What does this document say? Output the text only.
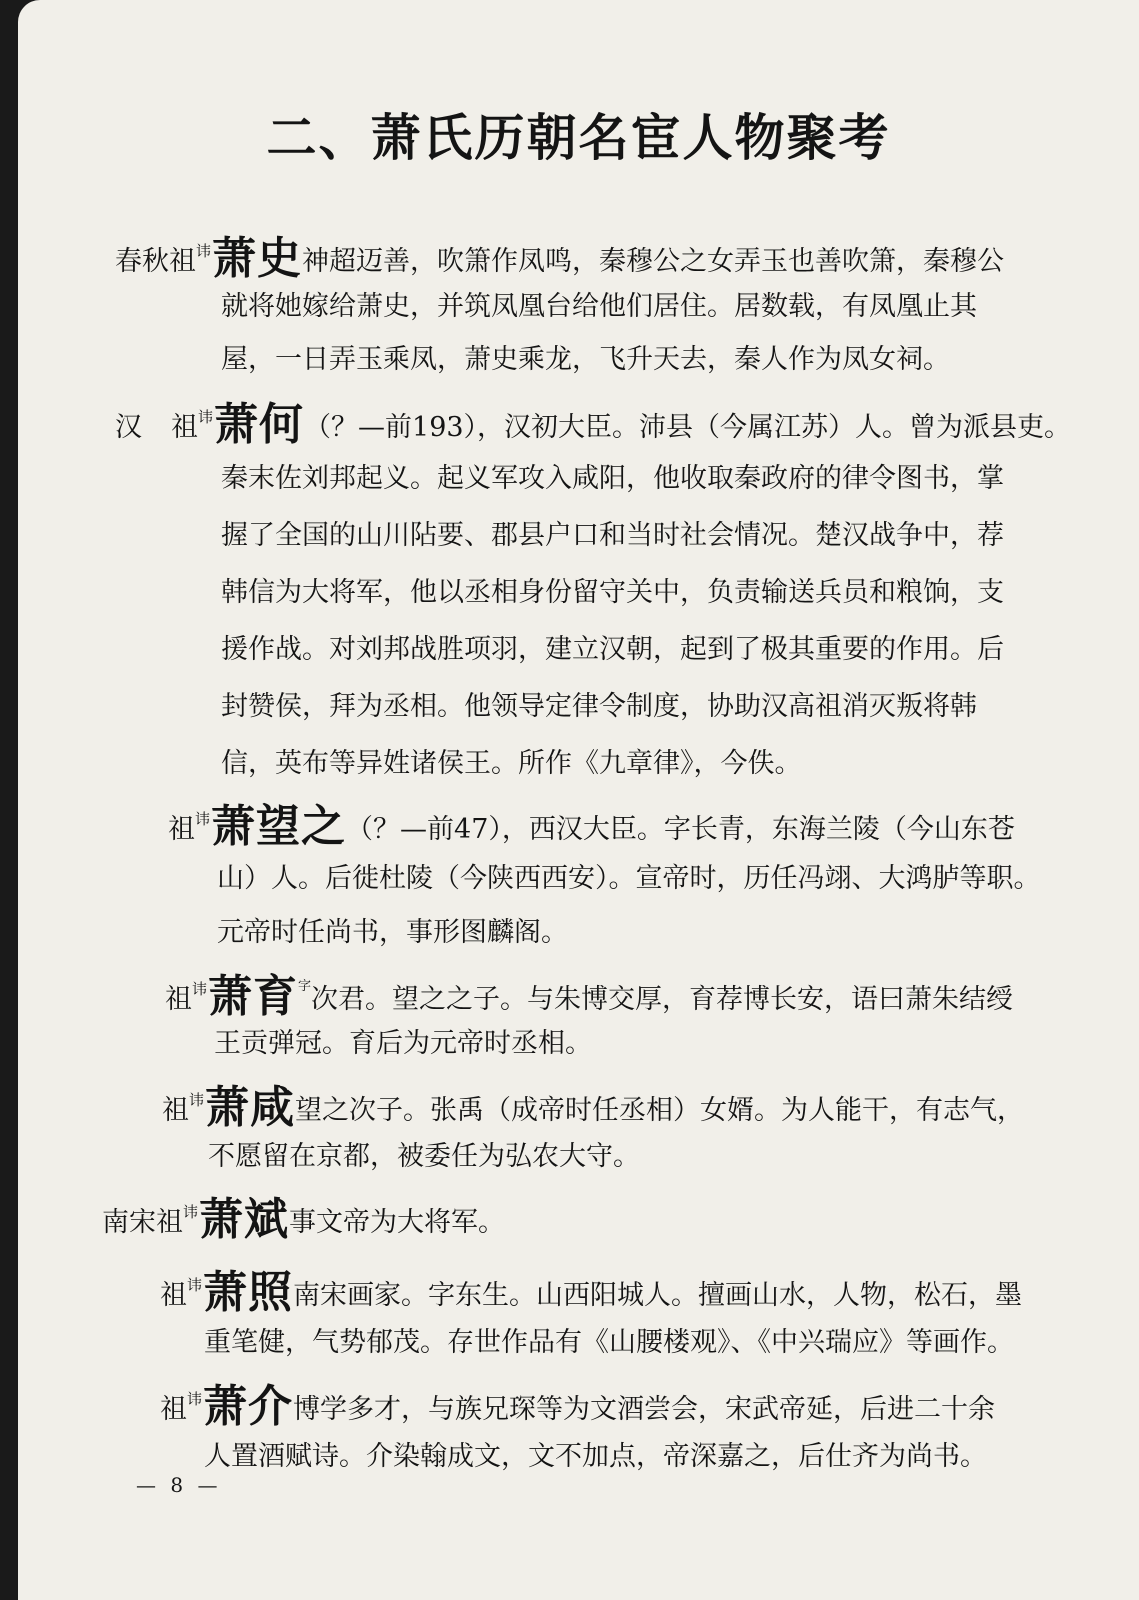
二、萧氏历朝名宦人物聚考
春秋祖$^讳$萧史神超迈善，吹箫作凤鸣，秦穆公之女弄玉也善吹箫，秦穆公
就将她嫁给萧史，并筑凤凰台给他们居住。居数载，有凤凰止其
屋，一日弄玉乘凤，萧史乘龙，飞升天去，秦人作为凤女祠。
汉 祖$^讳$萧何（？—前193），汉初大臣。沛县（今属江苏）人。曾为派县吏。
秦末佐刘邦起义。起义军攻入咸阳，他收取秦政府的律令图书，掌
握了全国的山川阽要、郡县户口和当时社会情况。楚汉战争中，荐
韩信为大将军，他以丞相身份留守关中，负责输送兵员和粮饷，支
援作战。对刘邦战胜项羽，建立汉朝，起到了极其重要的作用。后
封赞侯，拜为丞相。他领导定律令制度，协助汉高祖消灭叛将韩
信，英布等异姓诸侯王。所作《九章律》，今佚。
祖$^讳$萧望之（？—前47），西汉大臣。字长青，东海兰陵（今山东苍
山）人。后徙杜陵（今陕西西安）。宣帝时，历任冯翊、大鸿胪等职。
元帝时任尚书，事形图麟阁。
祖$^讳$萧育$^字$次君。望之之子。与朱博交厚，育荐博长安，语曰萧朱结绶
王贡弹冠。育后为元帝时丞相。
祖$^讳$萧咸望之次子。张禹（成帝时任丞相）女婿。为人能干，有志气，
不愿留在京都，被委任为弘农大守。
南宋祖$^讳$萧斌事文帝为大将军。
祖$^讳$萧照南宋画家。字东生。山西阳城人。擅画山水，人物，松石，墨
重笔健，气势郁茂。存世作品有《山腰楼观》、《中兴瑞应》等画作。
祖$^讳$萧介博学多才，与族兄琛等为文酒尝会，宋武帝延，后进二十余
人置酒赋诗。介染翰成文，文不加点，帝深嘉之，后仕齐为尚书。
— 8 —
